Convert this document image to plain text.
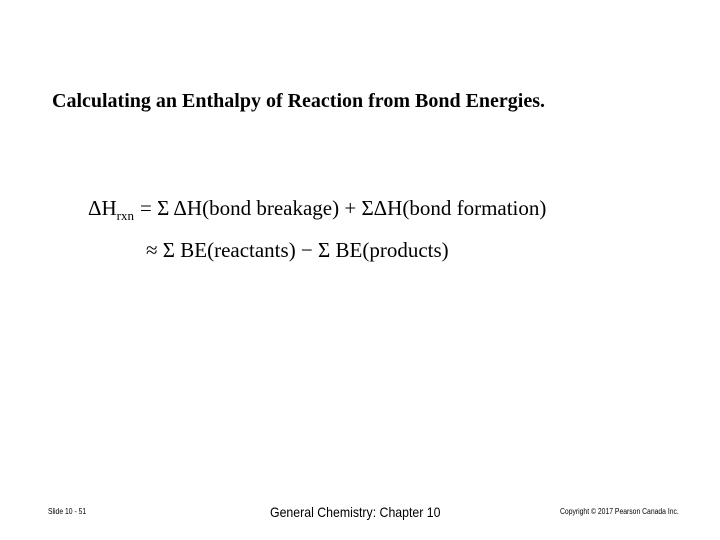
Calculating an Enthalpy of Reaction from Bond Energies.
$\Delta H_{rxn} = \Sigma$ ΔH(bond breakage) + ΣΔH(bond formation)
≈ Σ BE(reactants) − Σ BE(products)
Slide 10 - 51	General Chemistry: Chapter 10	Copyright © 2017 Pearson Canada Inc.
